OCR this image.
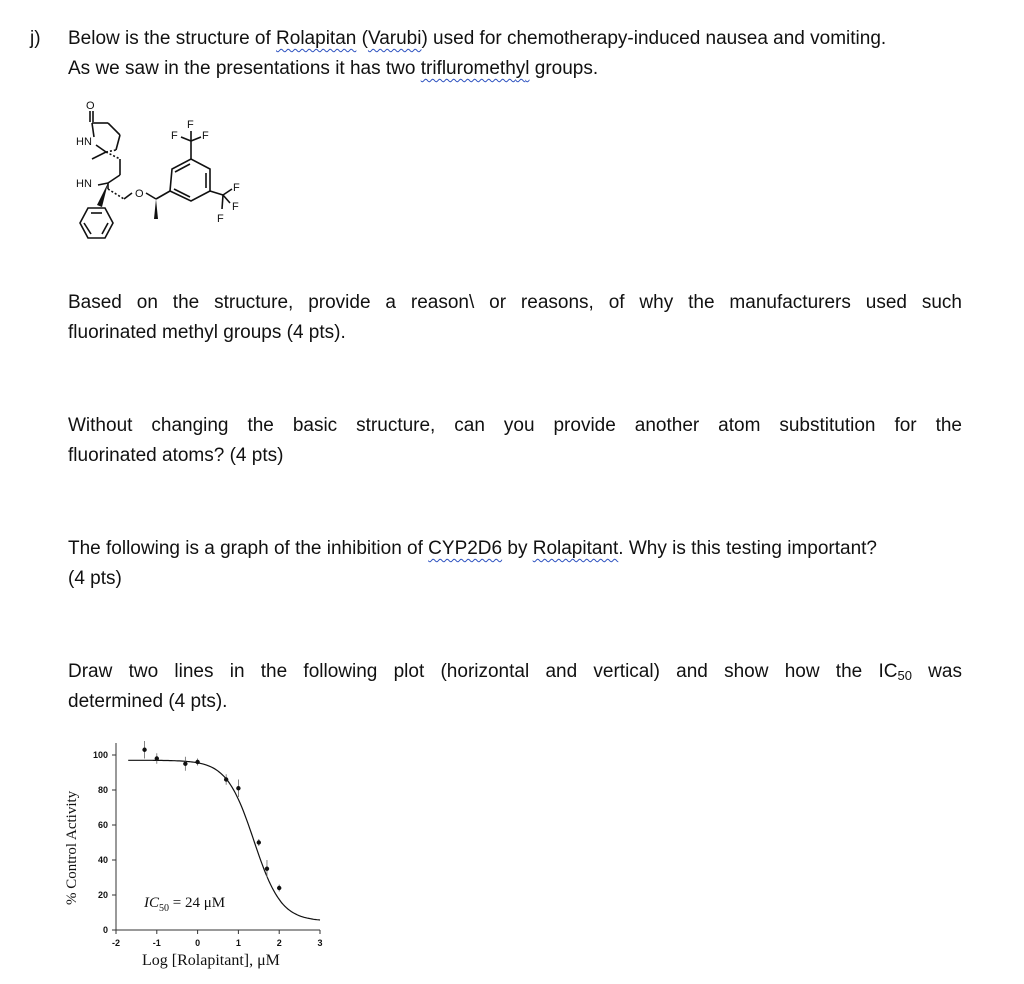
j) Below is the structure of Rolapitan (Varubi) used for chemotherapy-induced nausea and vomiting.
As we saw in the presentations it has two trifluromethyl groups.
O
HN
HN
O
F
F
F
F
F
F
Based on the structure, provide a reason\ or reasons, of why the manufacturers used such
fluorinated methyl groups (4 pts).
Without changing the basic structure, can you provide another atom substitution for the
fluorinated atoms? (4 pts)
The following is a graph of the inhibition of CYP2D6 by Rolapitant. Why is this testing important?
(4 pts)
Draw two lines in the following plot (horizontal and vertical) and show how the $IC_{50}$ was
determined (4 pts).
0
20
40
60
80
100
-2	-1	0	1	2	3
% Control Activity
Log [Rolapitant], μM
$IC_{50} = 24$ μM
